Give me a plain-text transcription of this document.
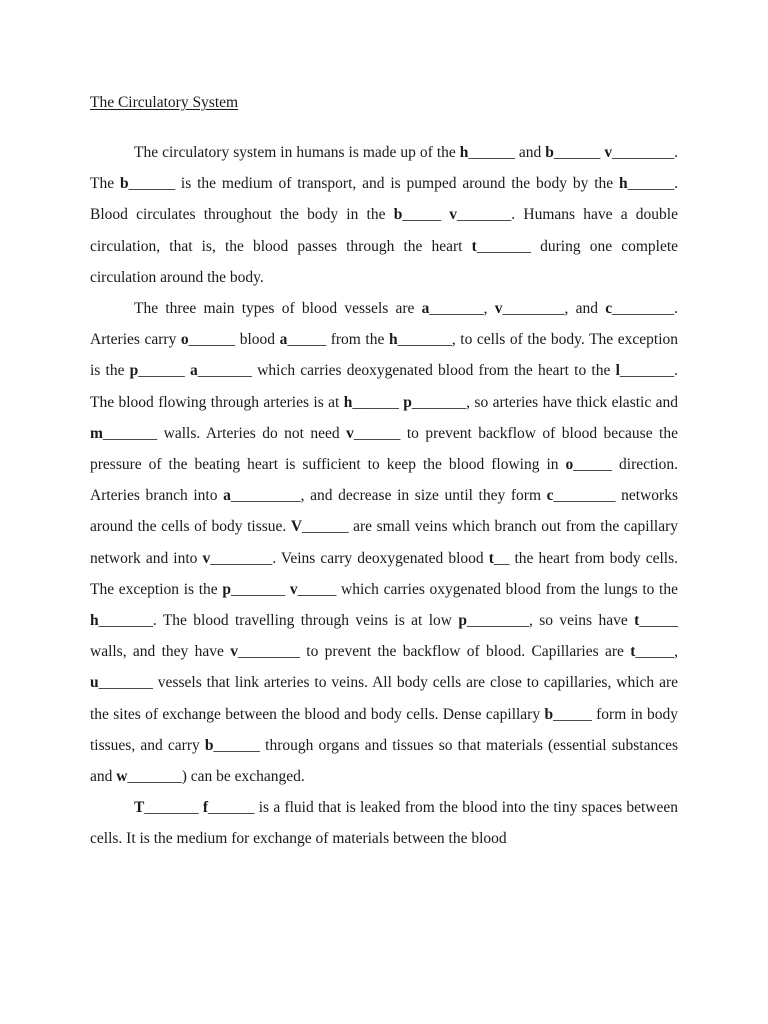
The Circulatory System

The circulatory system in humans is made up of the h______ and b______ v________. The b______ is the medium of transport, and is pumped around the body by the h______. Blood circulates throughout the body in the b_____ v_______. Humans have a double circulation, that is, the blood passes through the heart t_______ during one complete circulation around the body.

The three main types of blood vessels are a_______, v________, and c________. Arteries carry o______ blood a_____ from the h_______, to cells of the body. The exception is the p______ a_______ which carries deoxygenated blood from the heart to the l_______. The blood flowing through arteries is at h______ p_______, so arteries have thick elastic and m_______ walls. Arteries do not need v______ to prevent backflow of blood because the pressure of the beating heart is sufficient to keep the blood flowing in o_____ direction. Arteries branch into a_________, and decrease in size until they form c________ networks around the cells of body tissue. V______ are small veins which branch out from the capillary network and into v________. Veins carry deoxygenated blood t__ the heart from body cells. The exception is the p_______ v_____ which carries oxygenated blood from the lungs to the h_______. The blood travelling through veins is at low p________, so veins have t_____ walls, and they have v________ to prevent the backflow of blood. Capillaries are t_____, u_______ vessels that link arteries to veins. All body cells are close to capillaries, which are the sites of exchange between the blood and body cells. Dense capillary b_____ form in body tissues, and carry b______ through organs and tissues so that materials (essential substances and w_______) can be exchanged.

T_______ f______ is a fluid that is leaked from the blood into the tiny spaces between cells. It is the medium for exchange of materials between the blood
